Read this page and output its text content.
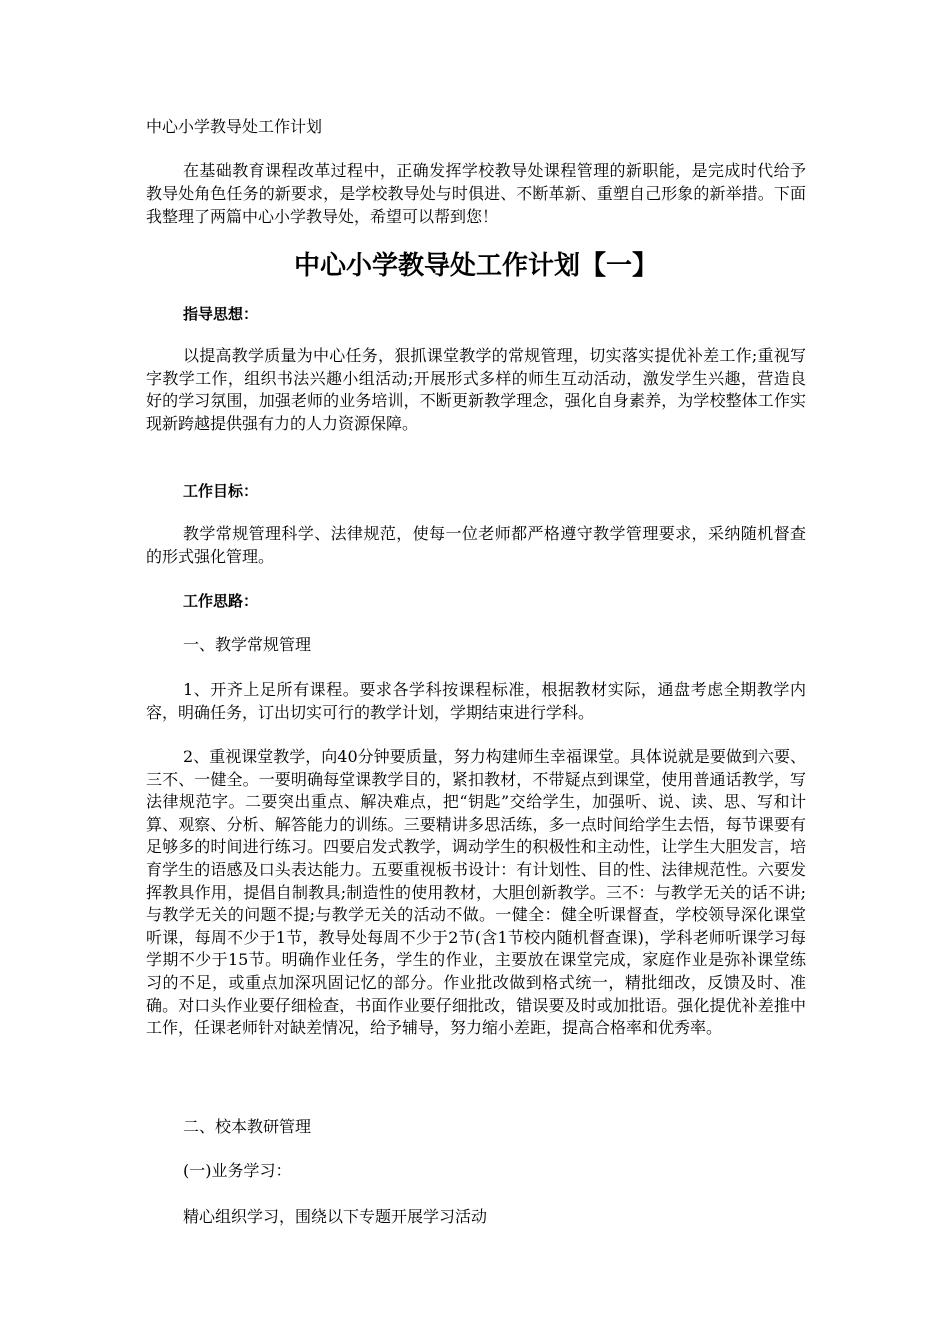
中心小学教导处工作计划

在基础教育课程改革过程中，正确发挥学校教导处课程管理的新职能，是完成时代给予教导处角色任务的新要求，是学校教导处与时俱进、不断革新、重塑自己形象的新举措。下面我整理了两篇中心小学教导处，希望可以帮到您！

中心小学教导处工作计划【一】
指导思想：

以提高教学质量为中心任务，狠抓课堂教学的常规管理，切实落实提优补差工作;重视写字教学工作，组织书法兴趣小组活动;开展形式多样的师生互动活动，激发学生兴趣，营造良好的学习氛围，加强老师的业务培训，不断更新教学理念，强化自身素养，为学校整体工作实现新跨越提供强有力的人力资源保障。

工作目标：

教学常规管理科学、法律规范，使每一位老师都严格遵守教学管理要求，采纳随机督查的形式强化管理。

工作思路：
一、教学常规管理

1、开齐上足所有课程。要求各学科按课程标准，根据教材实际，通盘考虑全期教学内容，明确任务，订出切实可行的教学计划，学期结束进行学科。

2、重视课堂教学，向40分钟要质量，努力构建师生幸福课堂。具体说就是要做到六要、三不、一健全。一要明确每堂课教学目的，紧扣教材，不带疑点到课堂，使用普通话教学，写法律规范字。二要突出重点、解决难点，把“钥匙”交给学生，加强听、说、读、思、写和计算、观察、分析、解答能力的训练。三要精讲多思活练，多一点时间给学生去悟，每节课要有足够多的时间进行练习。四要启发式教学，调动学生的积极性和主动性，让学生大胆发言，培育学生的语感及口头表达能力。五要重视板书设计：有计划性、目的性、法律规范性。六要发挥教具作用，提倡自制教具;制造性的使用教材，大胆创新教学。三不：与教学无关的话不讲;与教学无关的问题不提;与教学无关的活动不做。一健全：健全听课督查，学校领导深化课堂听课，每周不少于1节，教导处每周不少于2节(含1节校内随机督查课)，学科老师听课学习每学期不少于15节。明确作业任务，学生的作业，主要放在课堂完成，家庭作业是弥补课堂练习的不足，或重点加深巩固记忆的部分。作业批改做到格式统一，精批细改，反馈及时、准确。对口头作业要仔细检查，书面作业要仔细批改，错误要及时或加批语。强化提优补差推中工作，任课老师针对缺差情况，给予辅导，努力缩小差距，提高合格率和优秀率。

二、校本教研管理
(一)业务学习：
精心组织学习，围绕以下专题开展学习活动
